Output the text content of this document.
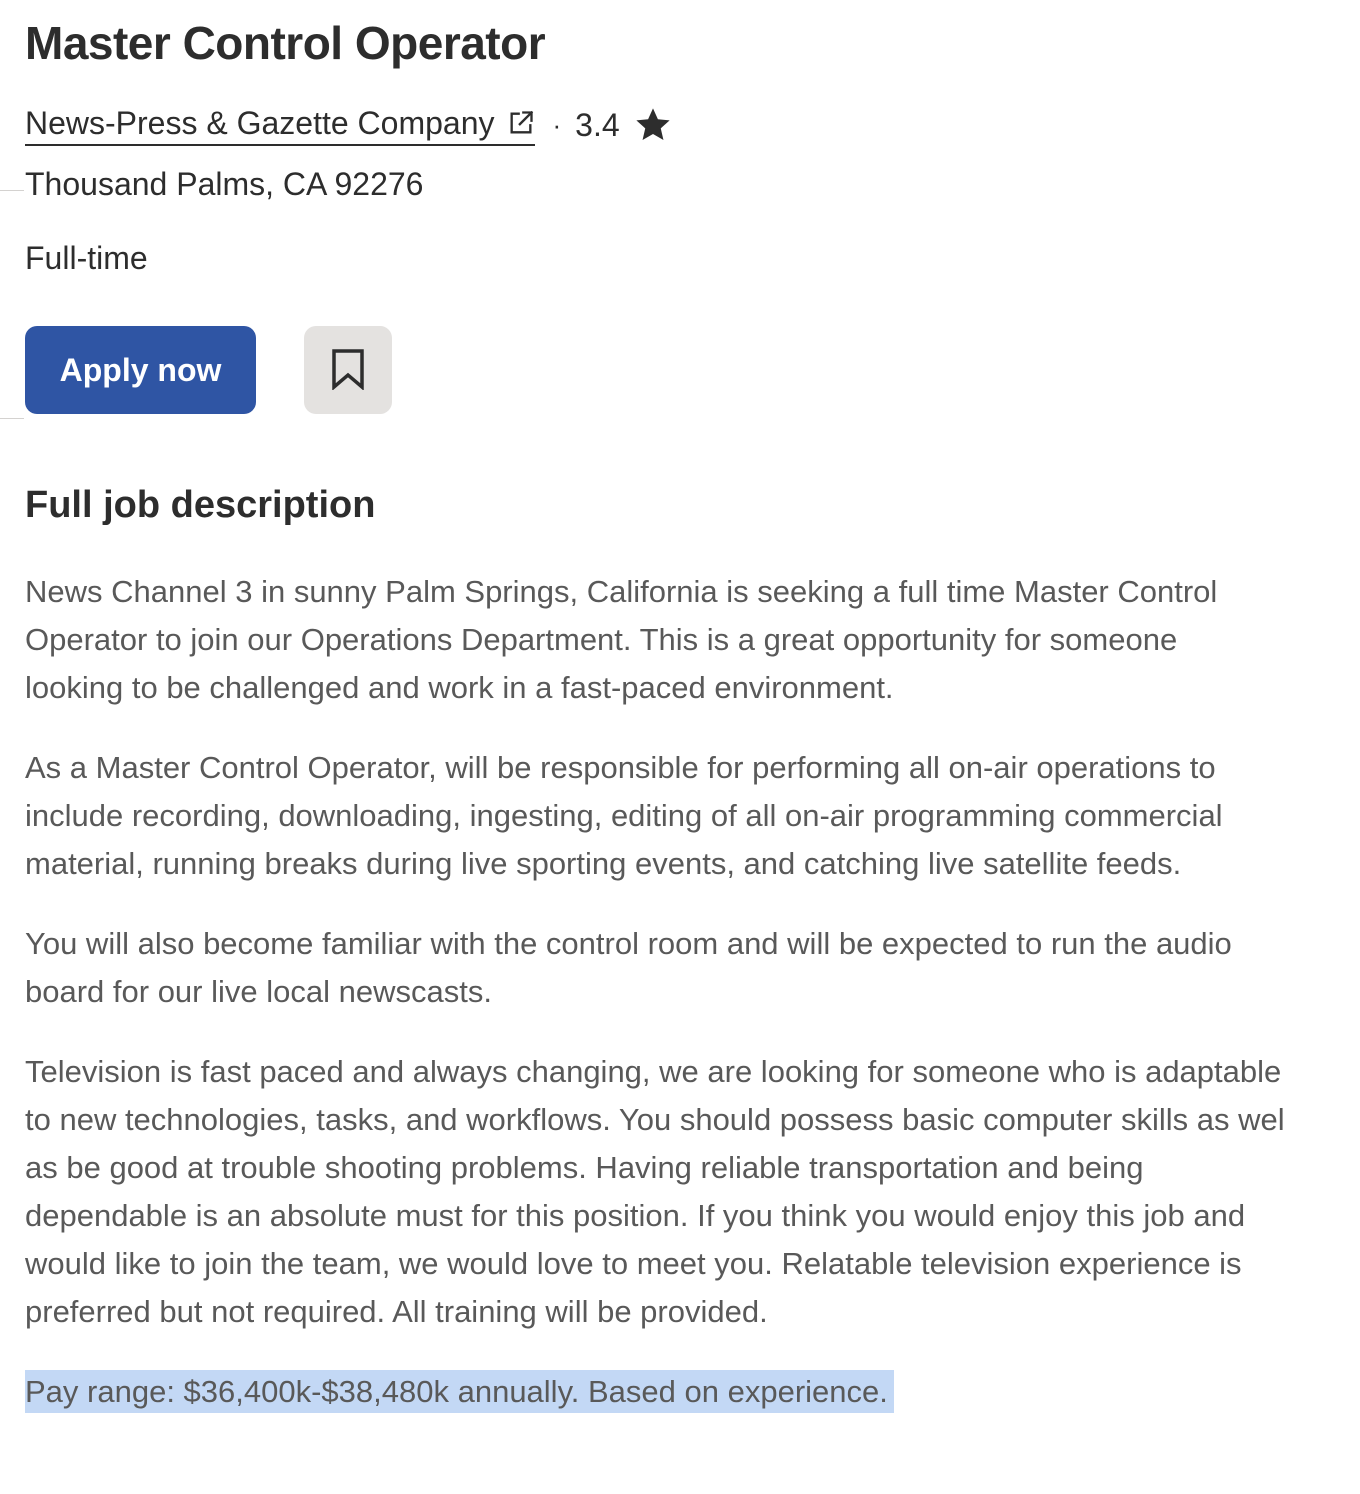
Master Control Operator
News-Press & Gazette Company · 3.4
Thousand Palms, CA 92276
Full-time
Apply now
Full job description

News Channel 3 in sunny Palm Springs, California is seeking a full time Master Control
Operator to join our Operations Department. This is a great opportunity for someone
looking to be challenged and work in a fast-paced environment.

As a Master Control Operator, will be responsible for performing all on-air operations to
include recording, downloading, ingesting, editing of all on-air programming commercial
material, running breaks during live sporting events, and catching live satellite feeds.

You will also become familiar with the control room and will be expected to run the audio
board for our live local newscasts.

Television is fast paced and always changing, we are looking for someone who is adaptable
to new technologies, tasks, and workflows. You should possess basic computer skills as wel
as be good at trouble shooting problems. Having reliable transportation and being
dependable is an absolute must for this position. If you think you would enjoy this job and
would like to join the team, we would love to meet you. Relatable television experience is
preferred but not required. All training will be provided.

Pay range: $36,400k-$38,480k annually. Based on experience.
